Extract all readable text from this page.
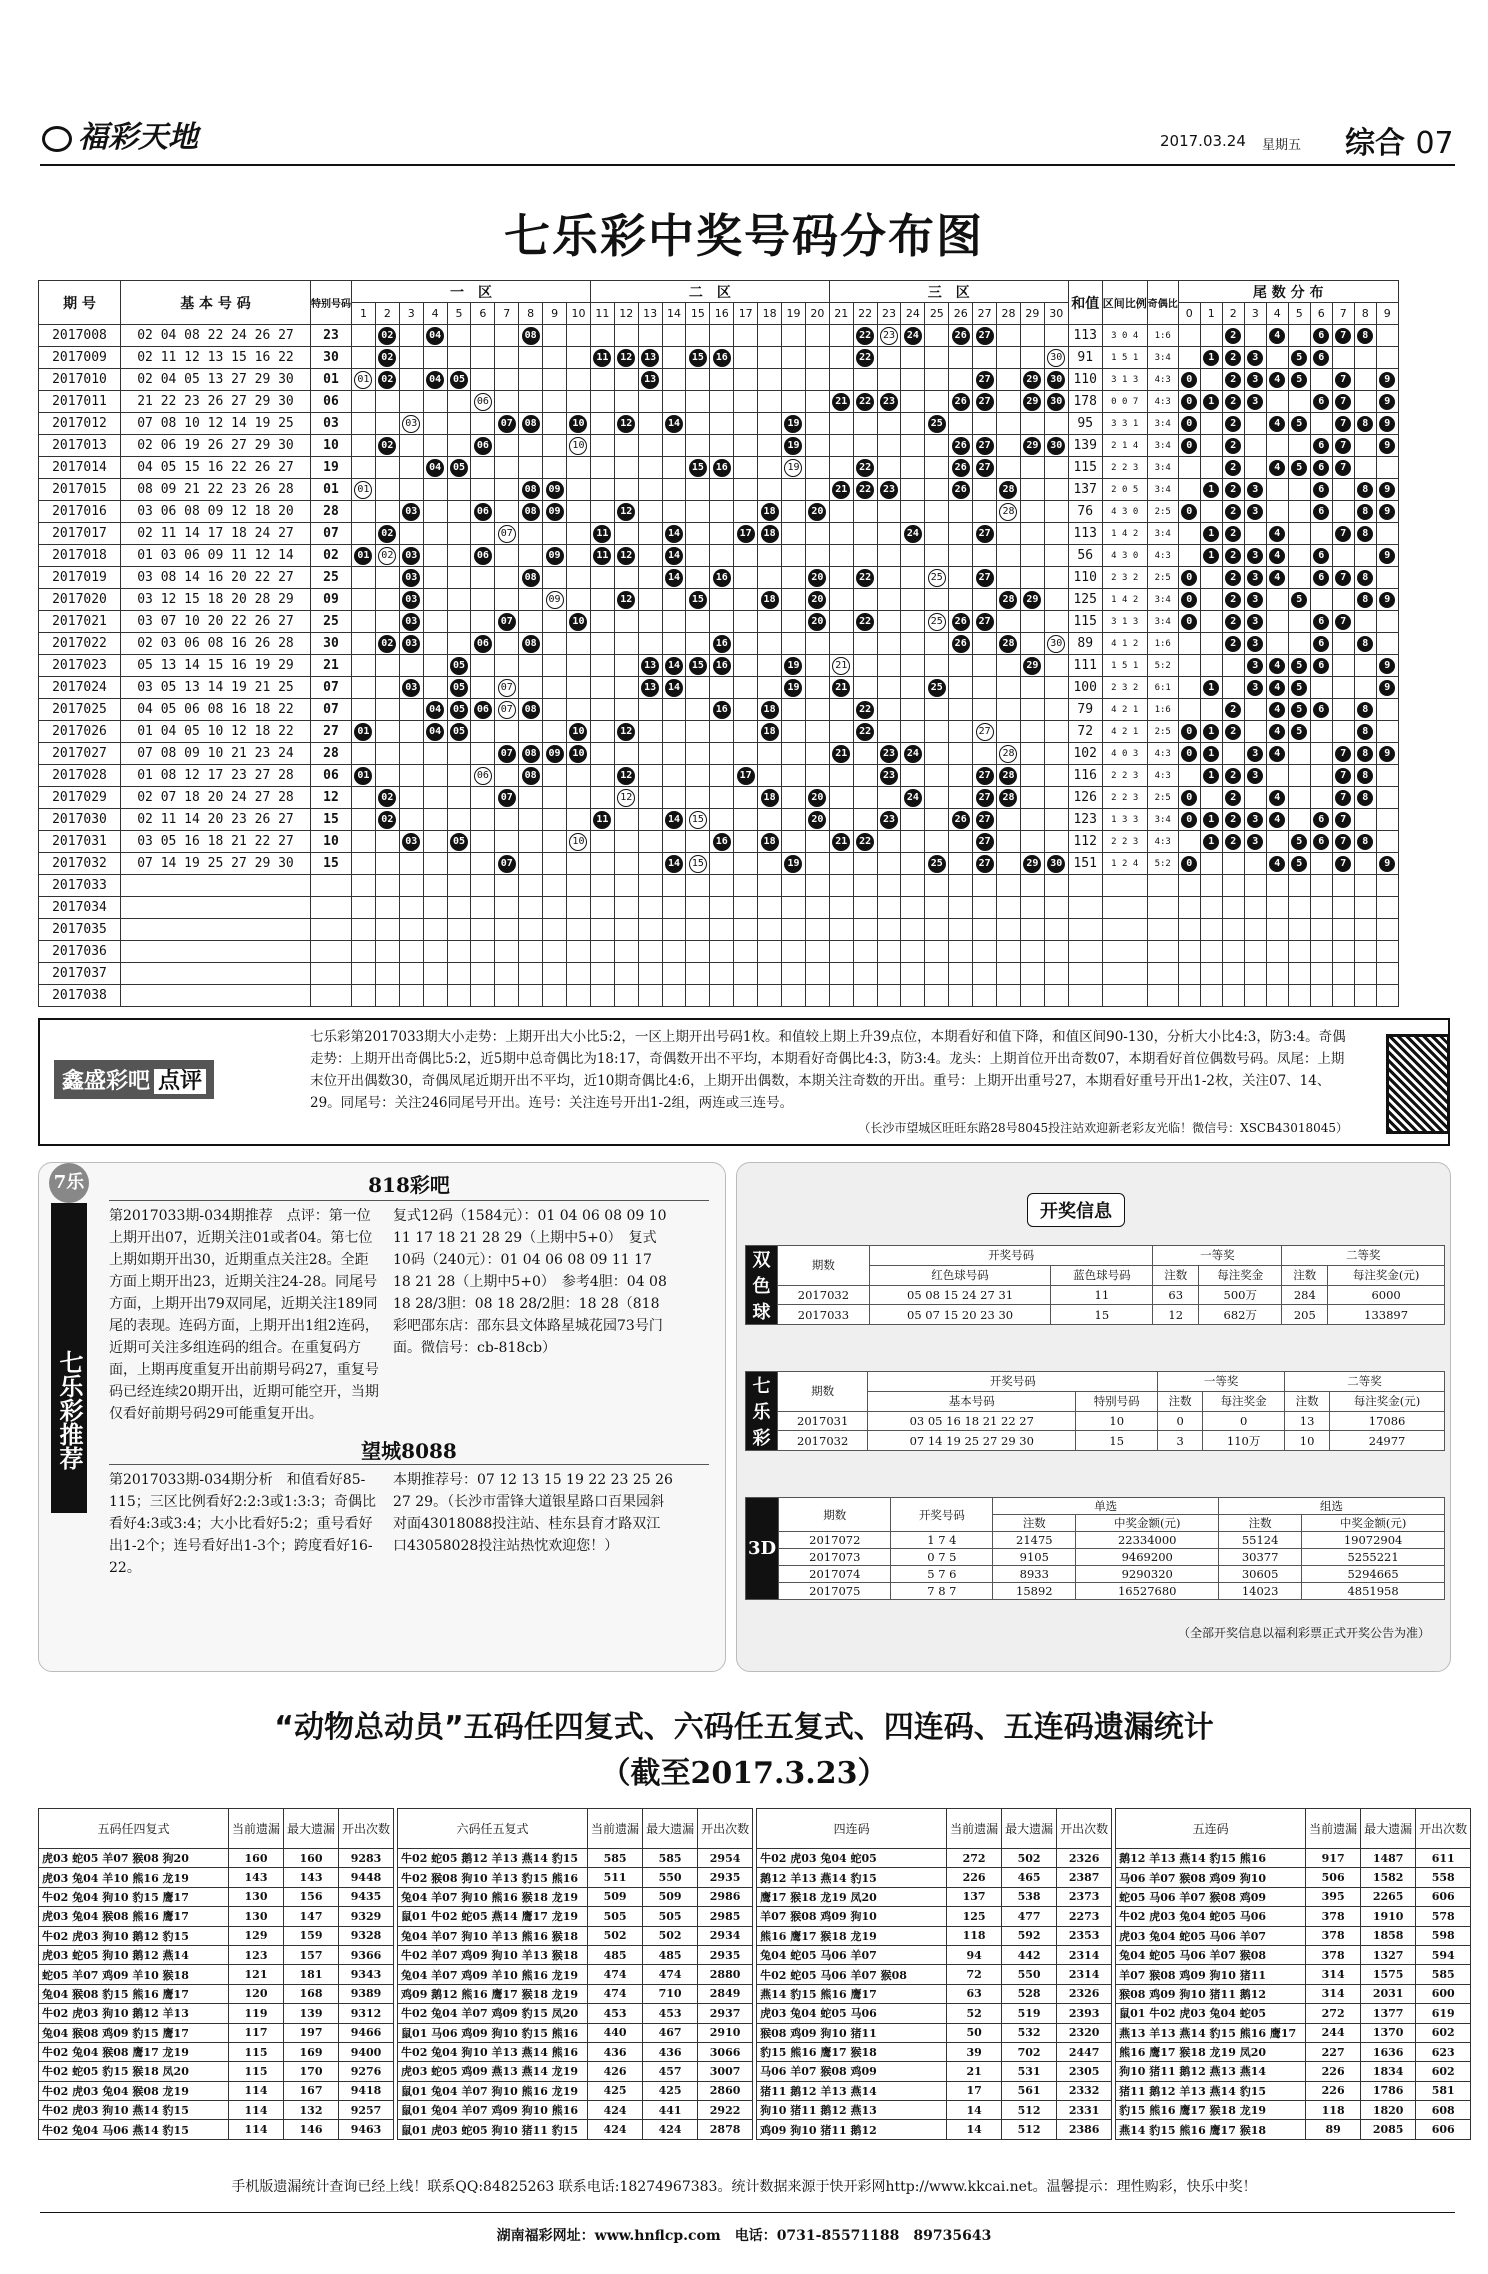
福彩天地	2017.03.24 星期五 综合 07
七乐彩中奖号码分布图
期 号	基 本 号 码	特别号码	一　区										二　区										三　区										和值	区间比例	奇偶比	尾 数 分 布									
			1	2	3	4	5	6	7	8	9	10	11	12	13	14	15	16	17	18	19	20	21	22	23	24	25	26	27	28	29	30				0	1	2	3	4	5	6	7	8	9
2017008	02 04 08 22 24 26 27	23		02		04				08														22	23	24		26	27				113	3 0 4	1:6			2		4		6	7	8	
2017009	02 11 12 13 15 16 22	30		02									11	12	13		15	16						22								30	91	1 5 1	3:4		1	2	3		5	6			
2017010	02 04 05 13 27 29 30	01	01	02		04	05								13														27		29	30	110	3 1 3	4:3	0		2	3	4	5		7		9
2017011	21 22 23 26 27 29 30	06						06															21	22	23			26	27		29	30	178	0 0 7	4:3	0	1	2	3			6	7		9
2017012	07 08 10 12 14 19 25	03			03				07	08		10		12		14					19						25						95	3 3 1	3:4	0		2		4	5		7	8	9
2017013	02 06 19 26 27 29 30	10		02				06				10									19							26	27		29	30	139	2 1 4	3:4	0		2				6	7		9
2017014	04 05 15 16 22 26 27	19				04	05										15	16			19			22				26	27				115	2 2 3	3:4			2		4	5	6	7		
2017015	08 09 21 22 23 26 28	01	01							08	09												21	22	23			26		28			137	2 0 5	3:4		1	2	3			6		8	9
2017016	03 06 08 09 12 18 20	28			03			06		08	09			12						18		20								28			76	4 3 0	2:5	0		2	3			6		8	9
2017017	02 11 14 17 18 24 27	07		02					07				11			14			17	18						24			27				113	1 4 2	3:4		1	2		4			7	8	
2017018	01 03 06 09 11 12 14	02	01	02	03			06			09		11	12		14																	56	4 3 0	4:3		1	2	3	4		6			9
2017019	03 08 14 16 20 22 27	25			03					08						14		16				20		22			25		27				110	2 3 2	2:5	0		2	3	4		6	7	8	
2017020	03 12 15 18 20 28 29	09			03						09			12			15			18		20								28	29		125	1 4 2	3:4	0		2	3		5			8	9
2017021	03 07 10 20 22 26 27	25			03				07			10										20		22			25	26	27				115	3 1 3	3:4	0		2	3			6	7		
2017022	02 03 06 08 16 26 28	30		02	03			06		08								16										26		28		30	89	4 1 2	1:6			2	3			6		8	
2017023	05 13 14 15 16 19 29	21					05								13	14	15	16			19		21								29		111	1 5 1	5:2				3	4	5	6			9
2017024	03 05 13 14 19 21 25	07			03		05		07						13	14					19		21				25						100	2 3 2	6:1		1		3	4	5				9
2017025	04 05 06 08 16 18 22	07				04	05	06	07	08								16		18				22									79	4 2 1	1:6			2		4	5	6		8	
2017026	01 04 05 10 12 18 22	27	01			04	05					10		12						18				22					27				72	4 2 1	2:5	0	1	2		4	5			8	
2017027	07 08 09 10 21 23 24	28							07	08	09	10											21		23	24				28			102	4 0 3	4:3	0	1		3	4			7	8	9
2017028	01 08 12 17 23 27 28	06	01					06		08				12					17						23				27	28			116	2 2 3	4:3		1	2	3				7	8	
2017029	02 07 18 20 24 27 28	12		02					07					12						18		20				24			27	28			126	2 2 3	2:5	0		2		4			7	8	
2017030	02 11 14 20 23 26 27	15		02									11			14	15					20			23			26	27				123	1 3 3	3:4	0	1	2	3	4		6	7		
2017031	03 05 16 18 21 22 27	10			03		05					10						16		18			21	22					27				112	2 2 3	4:3		1	2	3		5	6	7	8	
2017032	07 14 19 25 27 29 30	15							07							14	15				19						25		27		29	30	151	1 2 4	5:2	0				4	5		7		9
2017033																																													
2017034																																													
2017035																																													
2017036																																													
2017037																																													
2017038																																													
鑫盛彩吧 点评
七乐彩第2017033期大小走势：上期开出大小比5:2，一区上期开出号码1枚。和值较上期上升39点位，本期看好和值下降，和值区间90-130，分析大小比4:3，防3:4。奇偶走势：上期开出奇偶比5:2，近5期中总奇偶比为18:17，奇偶数开出不平均，本期看好奇偶比4:3，防3:4。龙头：上期首位开出奇数07，本期看好首位偶数号码。凤尾：上期末位开出偶数30，奇偶凤尾近期开出不平均，近10期奇偶比4:6，上期开出偶数，本期关注奇数的开出。重号：上期开出重号27，本期看好重号开出1-2枚，关注07、14、29。同尾号：关注246同尾号开出。连号：关注连号开出1-2组，两连或三连号。
（长沙市望城区旺旺东路28号8045投注站欢迎新老彩友光临！微信号：XSCB43018045）
7乐
七乐彩推荐
818彩吧
第2017033期-034期推荐　点评：第一位上期开出07，近期关注01或者04。第七位上期如期开出30，近期重点关注28。全距方面上期开出23，近期关注24-28。同尾号方面，上期开出79双同尾，近期关注189同尾的表现。连码方面，上期开出1组2连码，近期可关注多组连码的组合。在重复码方面，上期再度重复开出前期号码27，重复号码已经连续20期开出，近期可能空开，当期仅看好前期号码29可能重复开出。
复式12码（1584元）：01 04 06 08 09 10 11 17 18 21 28 29（上期中5+0）　复式10码（240元）：01 04 06 08 09 11 17 18 21 28（上期中5+0）　参考4胆：04 08 18 28/3胆：08 18 28/2胆：18 28（818彩吧邵东店：邵东县文体路星城花园73号门面。微信号：cb-818cb）
望城8088
第2017033期-034期分析　和值看好85-115；三区比例看好2:2:3或1:3:3；奇偶比看好4:3或3:4；大小比看好5:2；重号看好出1-2个；连号看好出1-3个；跨度看好16-22。
本期推荐号：07 12 13 15 19 22 23 25 26 27 29。（长沙市雷锋大道银星路口百果园斜对面43018088投注站、桂东县育才路双江口43058028投注站热忱欢迎您！）
开奖信息
双色球	期数	开奖号码		一等奖		二等奖	
		红色球号码	蓝色球号码	注数	每注奖金	注数	每注奖金(元)
	2017032	05 08 15 24 27 31	11	63	500万	284	6000
	2017033	05 07 15 20 23 30	15	12	682万	205	133897
七乐彩	期数	开奖号码		一等奖		二等奖	
		基本号码	特别号码	注数	每注奖金	注数	每注奖金(元)
	2017031	03 05 16 18 21 22 27	10	0	0	13	17086
	2017032	07 14 19 25 27 29 30	15	3	110万	10	24977
3D	期数	开奖号码	单选		组选	
			注数	中奖金额(元)	注数	中奖金额(元)
	2017072	1 7 4	21475	22334000	55124	19072904
	2017073	0 7 5	9105	9469200	30377	5255221
	2017074	5 7 6	8933	9290320	30605	5294665
	2017075	7 8 7	15892	16527680	14023	4851958
（全部开奖信息以福利彩票正式开奖公告为准）
“动物总动员”五码任四复式、六码任五复式、四连码、五连码遗漏统计
（截至2017.3.23）
五码任四复式	当前遗漏	最大遗漏	开出次数		六码任五复式	当前遗漏	最大遗漏	开出次数		四连码	当前遗漏	最大遗漏	开出次数		五连码	当前遗漏	最大遗漏	开出次数
虎03 蛇05 羊07 猴08 狗20	160	160	9283		牛02 蛇05 鹅12 羊13 燕14 豹15	585	585	2954		牛02 虎03 兔04 蛇05	272	502	2326		鹅12 羊13 燕14 豹15 熊16	917	1487	611
虎03 兔04 羊10 熊16 龙19	143	143	9448		牛02 猴08 狗10 羊13 豹15 熊16	511	550	2935		鹅12 羊13 燕14 豹15	226	465	2387		马06 羊07 猴08 鸡09 狗10	506	1582	558
牛02 兔04 狗10 豹15 鹰17	130	156	9435		兔04 羊07 狗10 熊16 猴18 龙19	509	509	2986		鹰17 猴18 龙19 凤20	137	538	2373		蛇05 马06 羊07 猴08 鸡09	395	2265	606
虎03 兔04 猴08 熊16 鹰17	130	147	9329		鼠01 牛02 蛇05 燕14 鹰17 龙19	505	505	2985		羊07 猴08 鸡09 狗10	125	477	2273		牛02 虎03 兔04 蛇05 马06	378	1910	578
牛02 虎03 狗10 鹅12 豹15	129	159	9328		兔04 羊07 狗10 羊13 熊16 猴18	502	502	2934		熊16 鹰17 猴18 龙19	118	592	2353		虎03 兔04 蛇05 马06 羊07	378	1858	598
虎03 蛇05 狗10 鹅12 燕14	123	157	9366		牛02 羊07 鸡09 狗10 羊13 猴18	485	485	2935		兔04 蛇05 马06 羊07	94	442	2314		兔04 蛇05 马06 羊07 猴08	378	1327	594
蛇05 羊07 鸡09 羊10 猴18	121	181	9343		兔04 羊07 鸡09 羊10 熊16 龙19	474	474	2880		牛02 蛇05 马06 羊07 猴08	72	550	2314		羊07 猴08 鸡09 狗10 猪11	314	1575	585
兔04 猴08 豹15 熊16 鹰17	120	168	9389		鸡09 鹅12 熊16 鹰17 猴18 龙19	474	710	2849		燕14 豹15 熊16 鹰17	63	528	2326		猴08 鸡09 狗10 猪11 鹅12	314	2031	600
牛02 虎03 狗10 鹅12 羊13	119	139	9312		牛02 兔04 羊07 鸡09 豹15 凤20	453	453	2937		虎03 兔04 蛇05 马06	52	519	2393		鼠01 牛02 虎03 兔04 蛇05	272	1377	619
兔04 猴08 鸡09 豹15 鹰17	117	197	9466		鼠01 马06 鸡09 狗10 豹15 熊16	440	467	2910		猴08 鸡09 狗10 猪11	50	532	2320		燕13 羊13 燕14 豹15 熊16 鹰17	244	1370	602
牛02 兔04 猴08 鹰17 龙19	115	169	9400		牛02 兔04 狗10 羊13 燕14 熊16	436	436	3066		豹15 熊16 鹰17 猴18	39	702	2447		熊16 鹰17 猴18 龙19 凤20	227	1636	623
牛02 蛇05 豹15 猴18 凤20	115	170	9276		虎03 蛇05 鸡09 燕13 燕14 龙19	426	457	3007		马06 羊07 猴08 鸡09	21	531	2305		狗10 猪11 鹅12 燕13 燕14	226	1834	602
牛02 虎03 兔04 猴08 龙19	114	167	9418		鼠01 兔04 羊07 狗10 熊16 龙19	425	425	2860		猪11 鹅12 羊13 燕14	17	561	2332		猪11 鹅12 羊13 燕14 豹15	226	1786	581
牛02 虎03 狗10 燕14 豹15	114	132	9257		鼠01 兔04 羊07 鸡09 狗10 熊16	424	441	2922		狗10 猪11 鹅12 燕13	14	512	2331		豹15 熊16 鹰17 猴18 龙19	118	1820	608
牛02 兔04 马06 燕14 豹15	114	146	9463		鼠01 虎03 蛇05 狗10 猪11 豹15	424	424	2878		鸡09 狗10 猪11 鹅12	14	512	2386		燕14 豹15 熊16 鹰17 猴18	89	2085	606
手机版遗漏统计查询已经上线！联系QQ:84825263 联系电话:18274967383。统计数据来源于快开彩网http://www.kkcai.net。温馨提示：理性购彩，快乐中奖！
湖南福彩网址：www.hnflcp.com　 电话：0731-85571188　89735643
